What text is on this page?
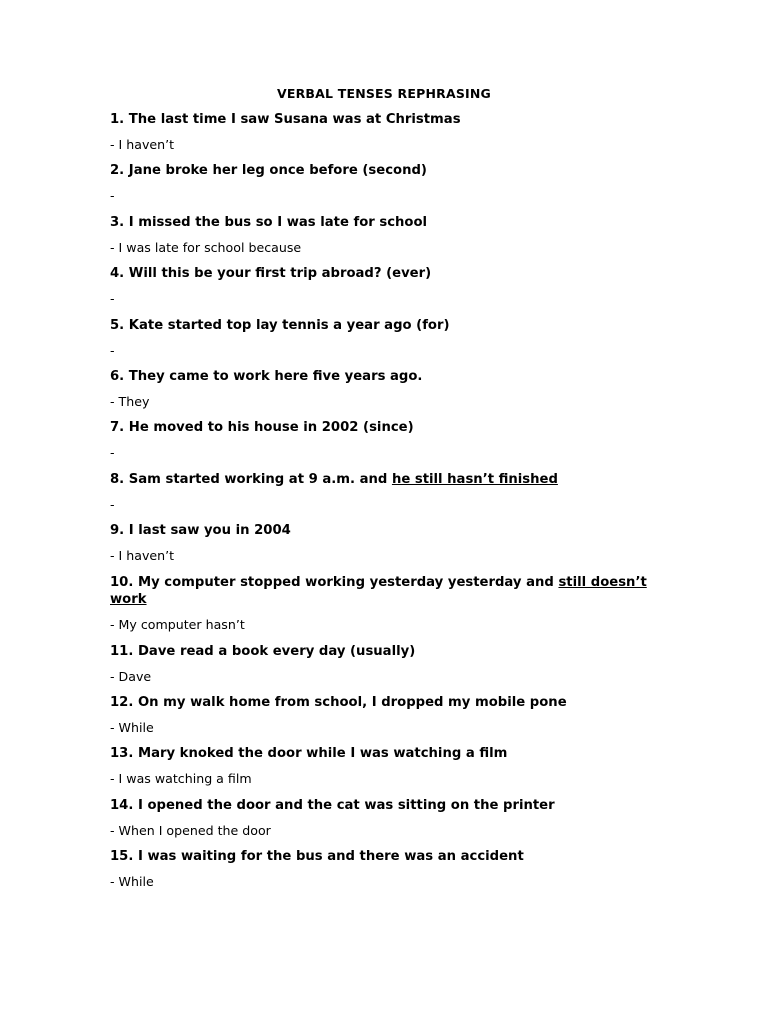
VERBAL TENSES REPHRASING
1. The last time I saw Susana was at Christmas
- I haven’t
2. Jane broke her leg once before (second)
-
3. I missed the bus so I was late for school
- I was late for school because
4. Will this be your first trip abroad? (ever)
-
5. Kate started top lay tennis a year ago (for)
-
6. They came to work here five years ago.
- They
7. He moved to his house in 2002 (since)
-
8. Sam started working at 9 a.m. and he still hasn’t finished
-
9. I last saw you in 2004
- I haven’t
10. My computer stopped working yesterday yesterday and still doesn’t work
- My computer hasn’t
11. Dave read a book every day (usually)
- Dave
12. On my walk home from school, I dropped my mobile pone
- While
13. Mary knoked the door while I was watching a film
- I was watching a film
14. I opened the door and the cat was sitting on the printer
- When I opened the door
15. I was waiting for the bus and there was an accident
- While
